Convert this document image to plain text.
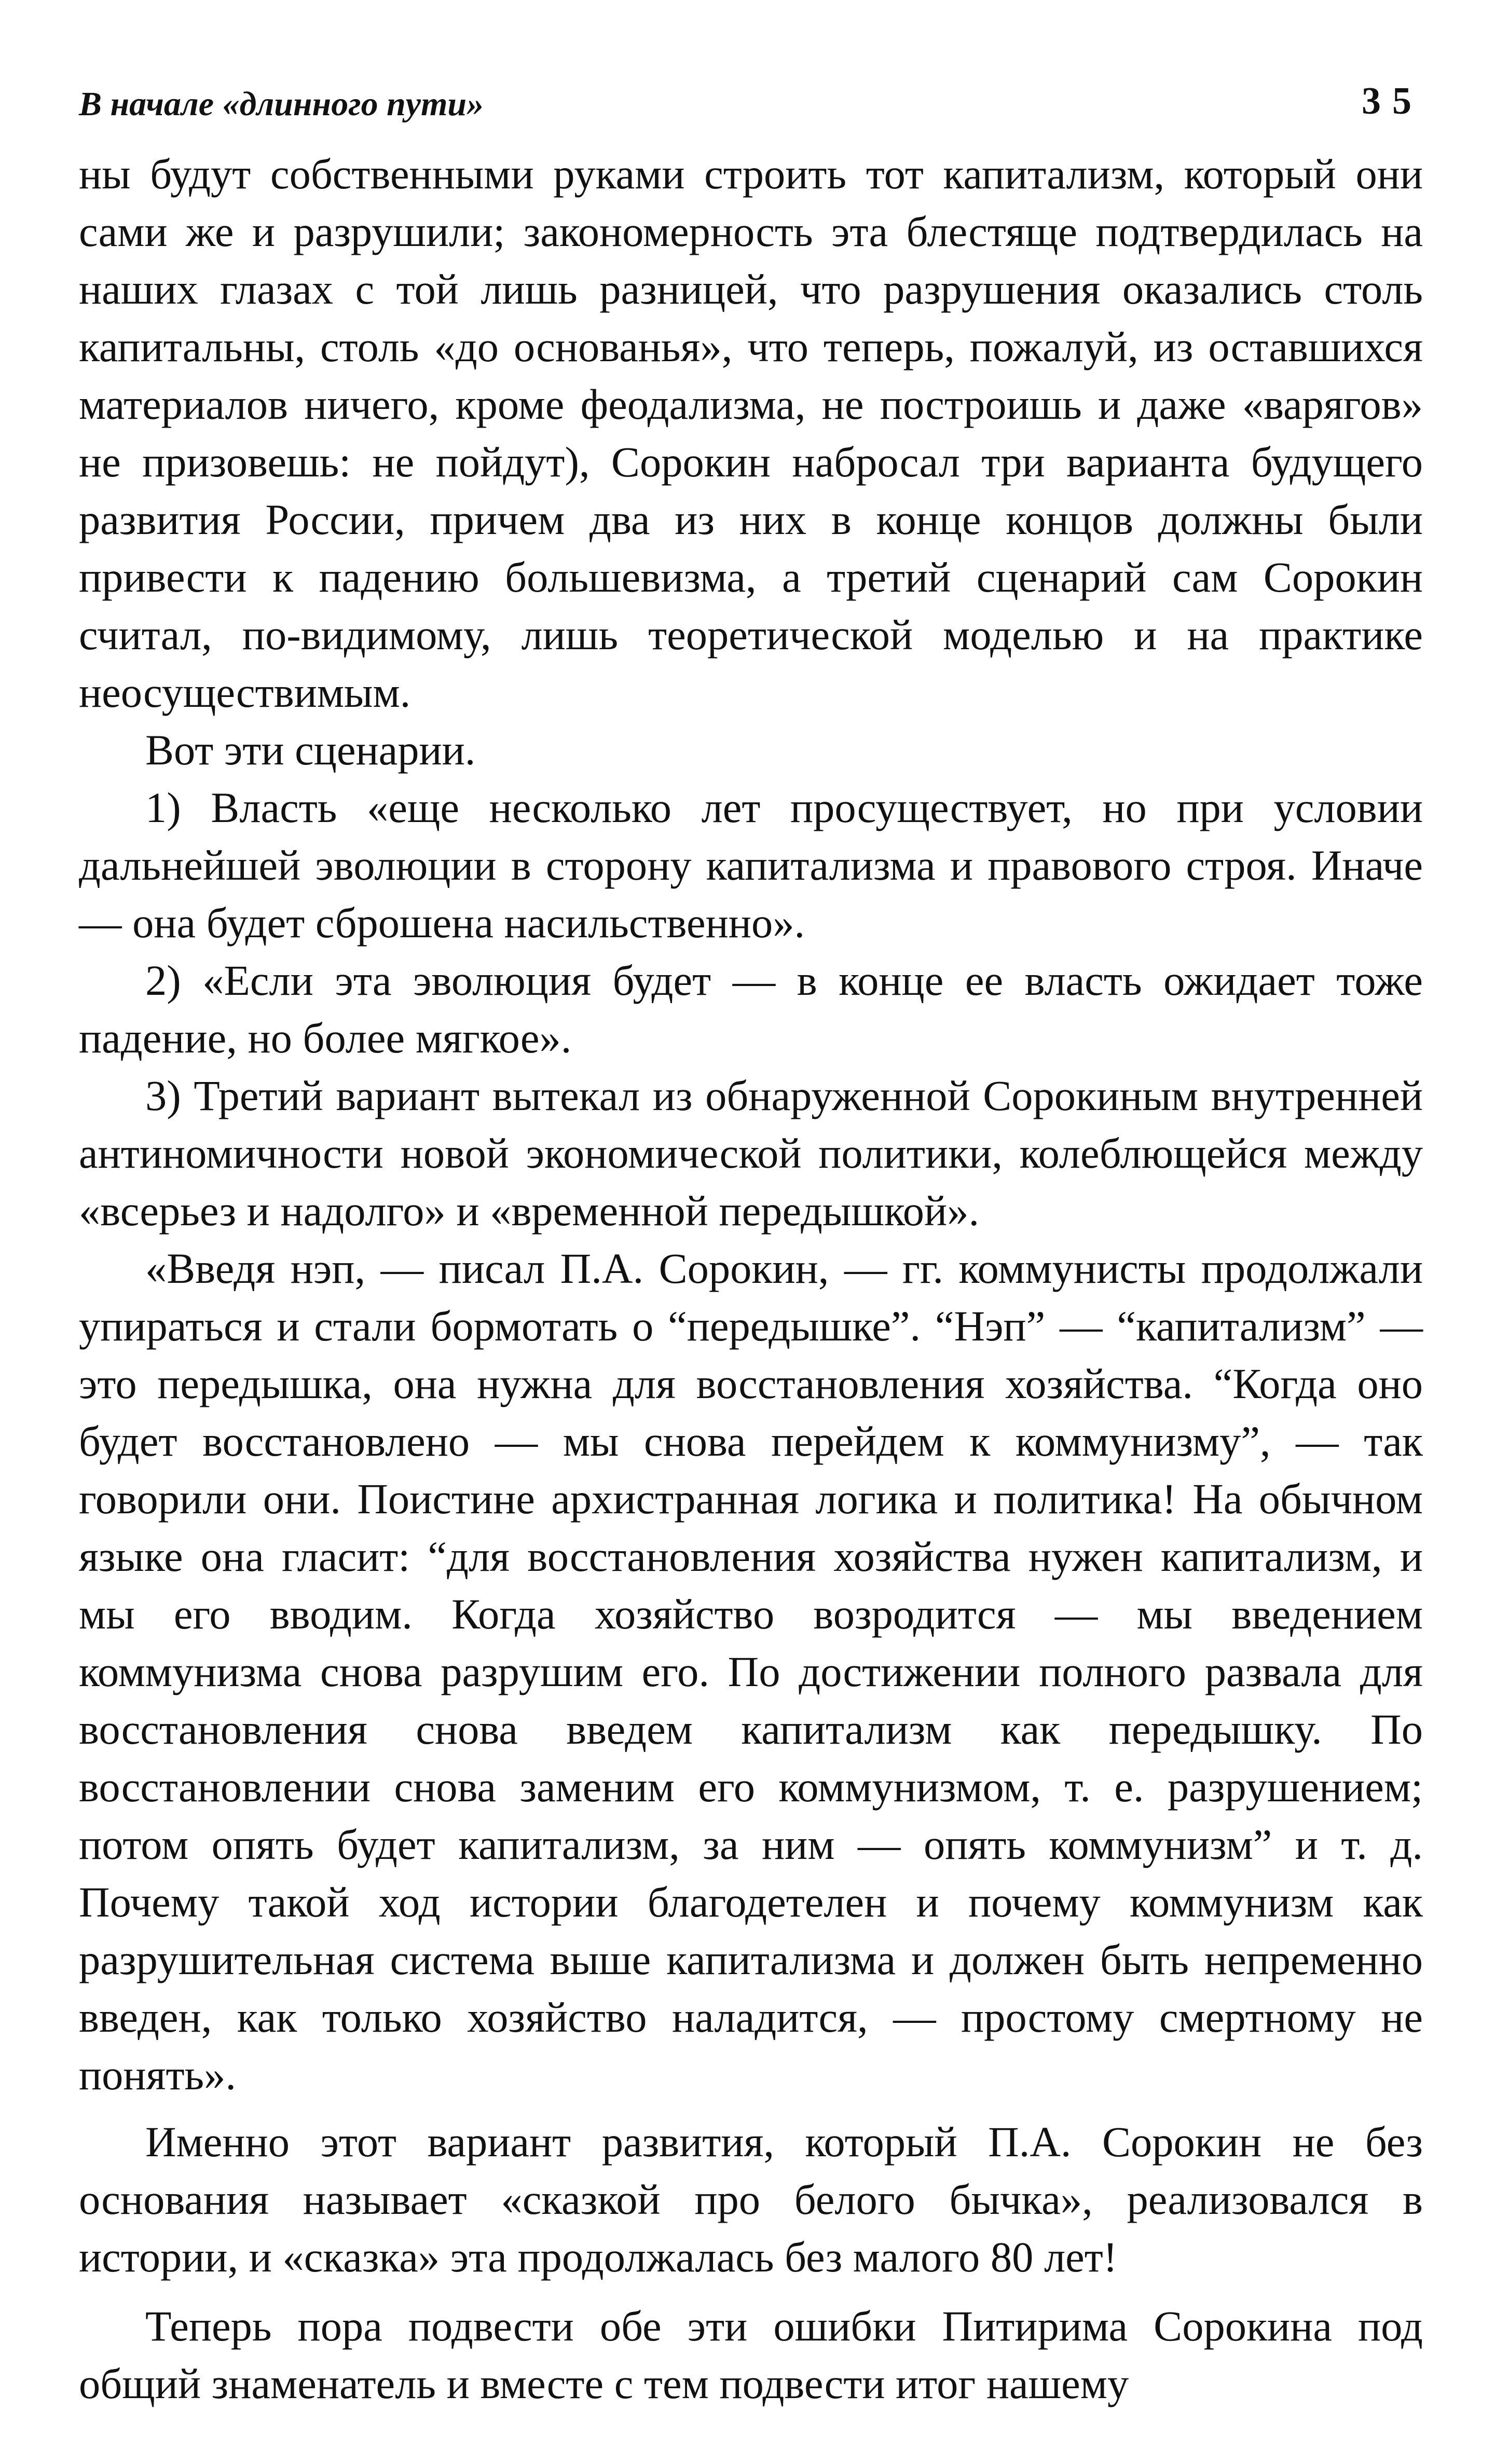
В начале «длинного пути»	35

ны будут собственными руками строить тот капитализм, который они сами же и разрушили; закономерность эта блестяще подтвердилась на наших глазах с той лишь разницей, что разрушения оказались столь капитальны, столь «до основанья», что теперь, пожалуй, из оставшихся материалов ничего, кроме феодализма, не построишь и даже «варягов» не призовешь: не пойдут), Сорокин набросал три варианта будущего развития России, причем два из них в конце концов должны были привести к падению большевизма, а третий сценарий сам Сорокин считал, по-видимому, лишь теоретической моделью и на практике неосуществимым.

Вот эти сценарии.

1) Власть «еще несколько лет просуществует, но при условии дальнейшей эволюции в сторону капитализма и правового строя. Иначе — она будет сброшена насильственно».

2) «Если эта эволюция будет — в конце ее власть ожидает тоже падение, но более мягкое».

3) Третий вариант вытекал из обнаруженной Сорокиным внутренней антиномичности новой экономической политики, колеблющейся между «всерьез и надолго» и «временной передышкой».

«Введя нэп, — писал П.А. Сорокин, — гг. коммунисты продолжали упираться и стали бормотать о “передышке”. “Нэп” — “капитализм” — это передышка, она нужна для восстановления хозяйства. “Когда оно будет восстановлено — мы снова перейдем к коммунизму”, — так говорили они. Поистине архистранная логика и политика! На обычном языке она гласит: “для восстановления хозяйства нужен капитализм, и мы его вводим. Когда хозяйство возродится — мы введением коммунизма снова разрушим его. По достижении полного развала для восстановления снова введем капитализм как передышку. По восстановлении снова заменим его коммунизмом, т. е. разрушением; потом опять будет капитализм, за ним — опять коммунизм” и т. д. Почему такой ход истории благодетелен и почему коммунизм как разрушительная система выше капитализма и должен быть непременно введен, как только хозяйство наладится, — простому смертному не понять».

Именно этот вариант развития, который П.А. Сорокин не без основания называет «сказкой про белого бычка», реализовался в истории, и «сказка» эта продолжалась без малого 80 лет!

Теперь пора подвести обе эти ошибки Питирима Сорокина под общий знаменатель и вместе с тем подвести итог нашему
